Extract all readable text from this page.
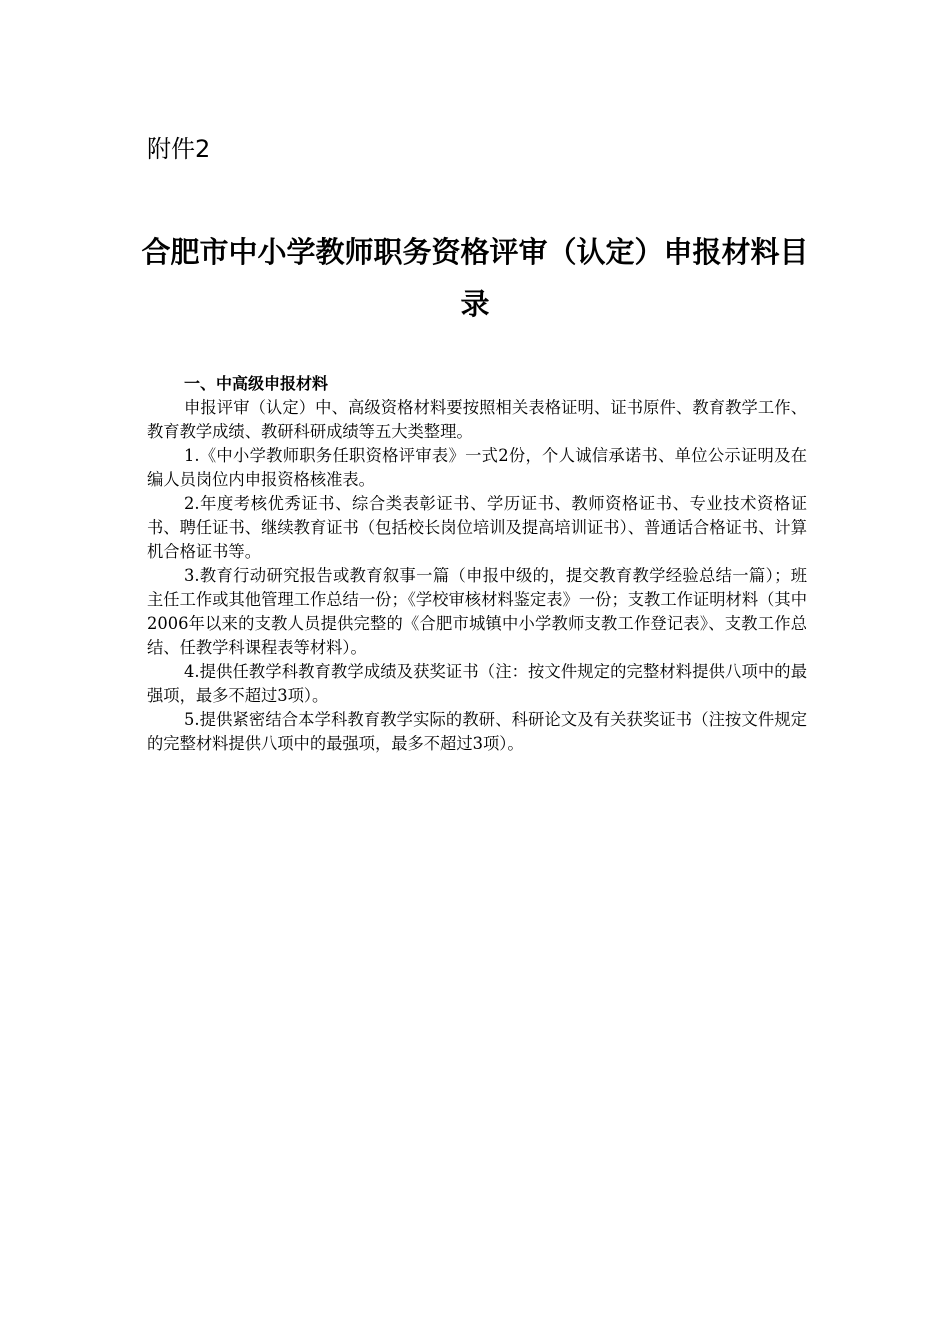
附件2
合肥市中小学教师职务资格评审（认定）申报材料目录
一、中高级申报材料

申报评审（认定）中、高级资格材料要按照相关表格证明、证书原件、教育教学工作、教育教学成绩、教研科研成绩等五大类整理。

1.《中小学教师职务任职资格评审表》一式2份，个人诚信承诺书、单位公示证明及在编人员岗位内申报资格核准表。

2.年度考核优秀证书、综合类表彰证书、学历证书、教师资格证书、专业技术资格证书、聘任证书、继续教育证书（包括校长岗位培训及提高培训证书）、普通话合格证书、计算机合格证书等。

3.教育行动研究报告或教育叙事一篇（申报中级的，提交教育教学经验总结一篇）；班主任工作或其他管理工作总结一份；《学校审核材料鉴定表》一份；支教工作证明材料（其中2006年以来的支教人员提供完整的《合肥市城镇中小学教师支教工作登记表》、支教工作总结、任教学科课程表等材料）。

4.提供任教学科教育教学成绩及获奖证书（注：按文件规定的完整材料提供八项中的最强项，最多不超过3项）。

5.提供紧密结合本学科教育教学实际的教研、科研论文及有关获奖证书（注按文件规定的完整材料提供八项中的最强项，最多不超过3项）。
